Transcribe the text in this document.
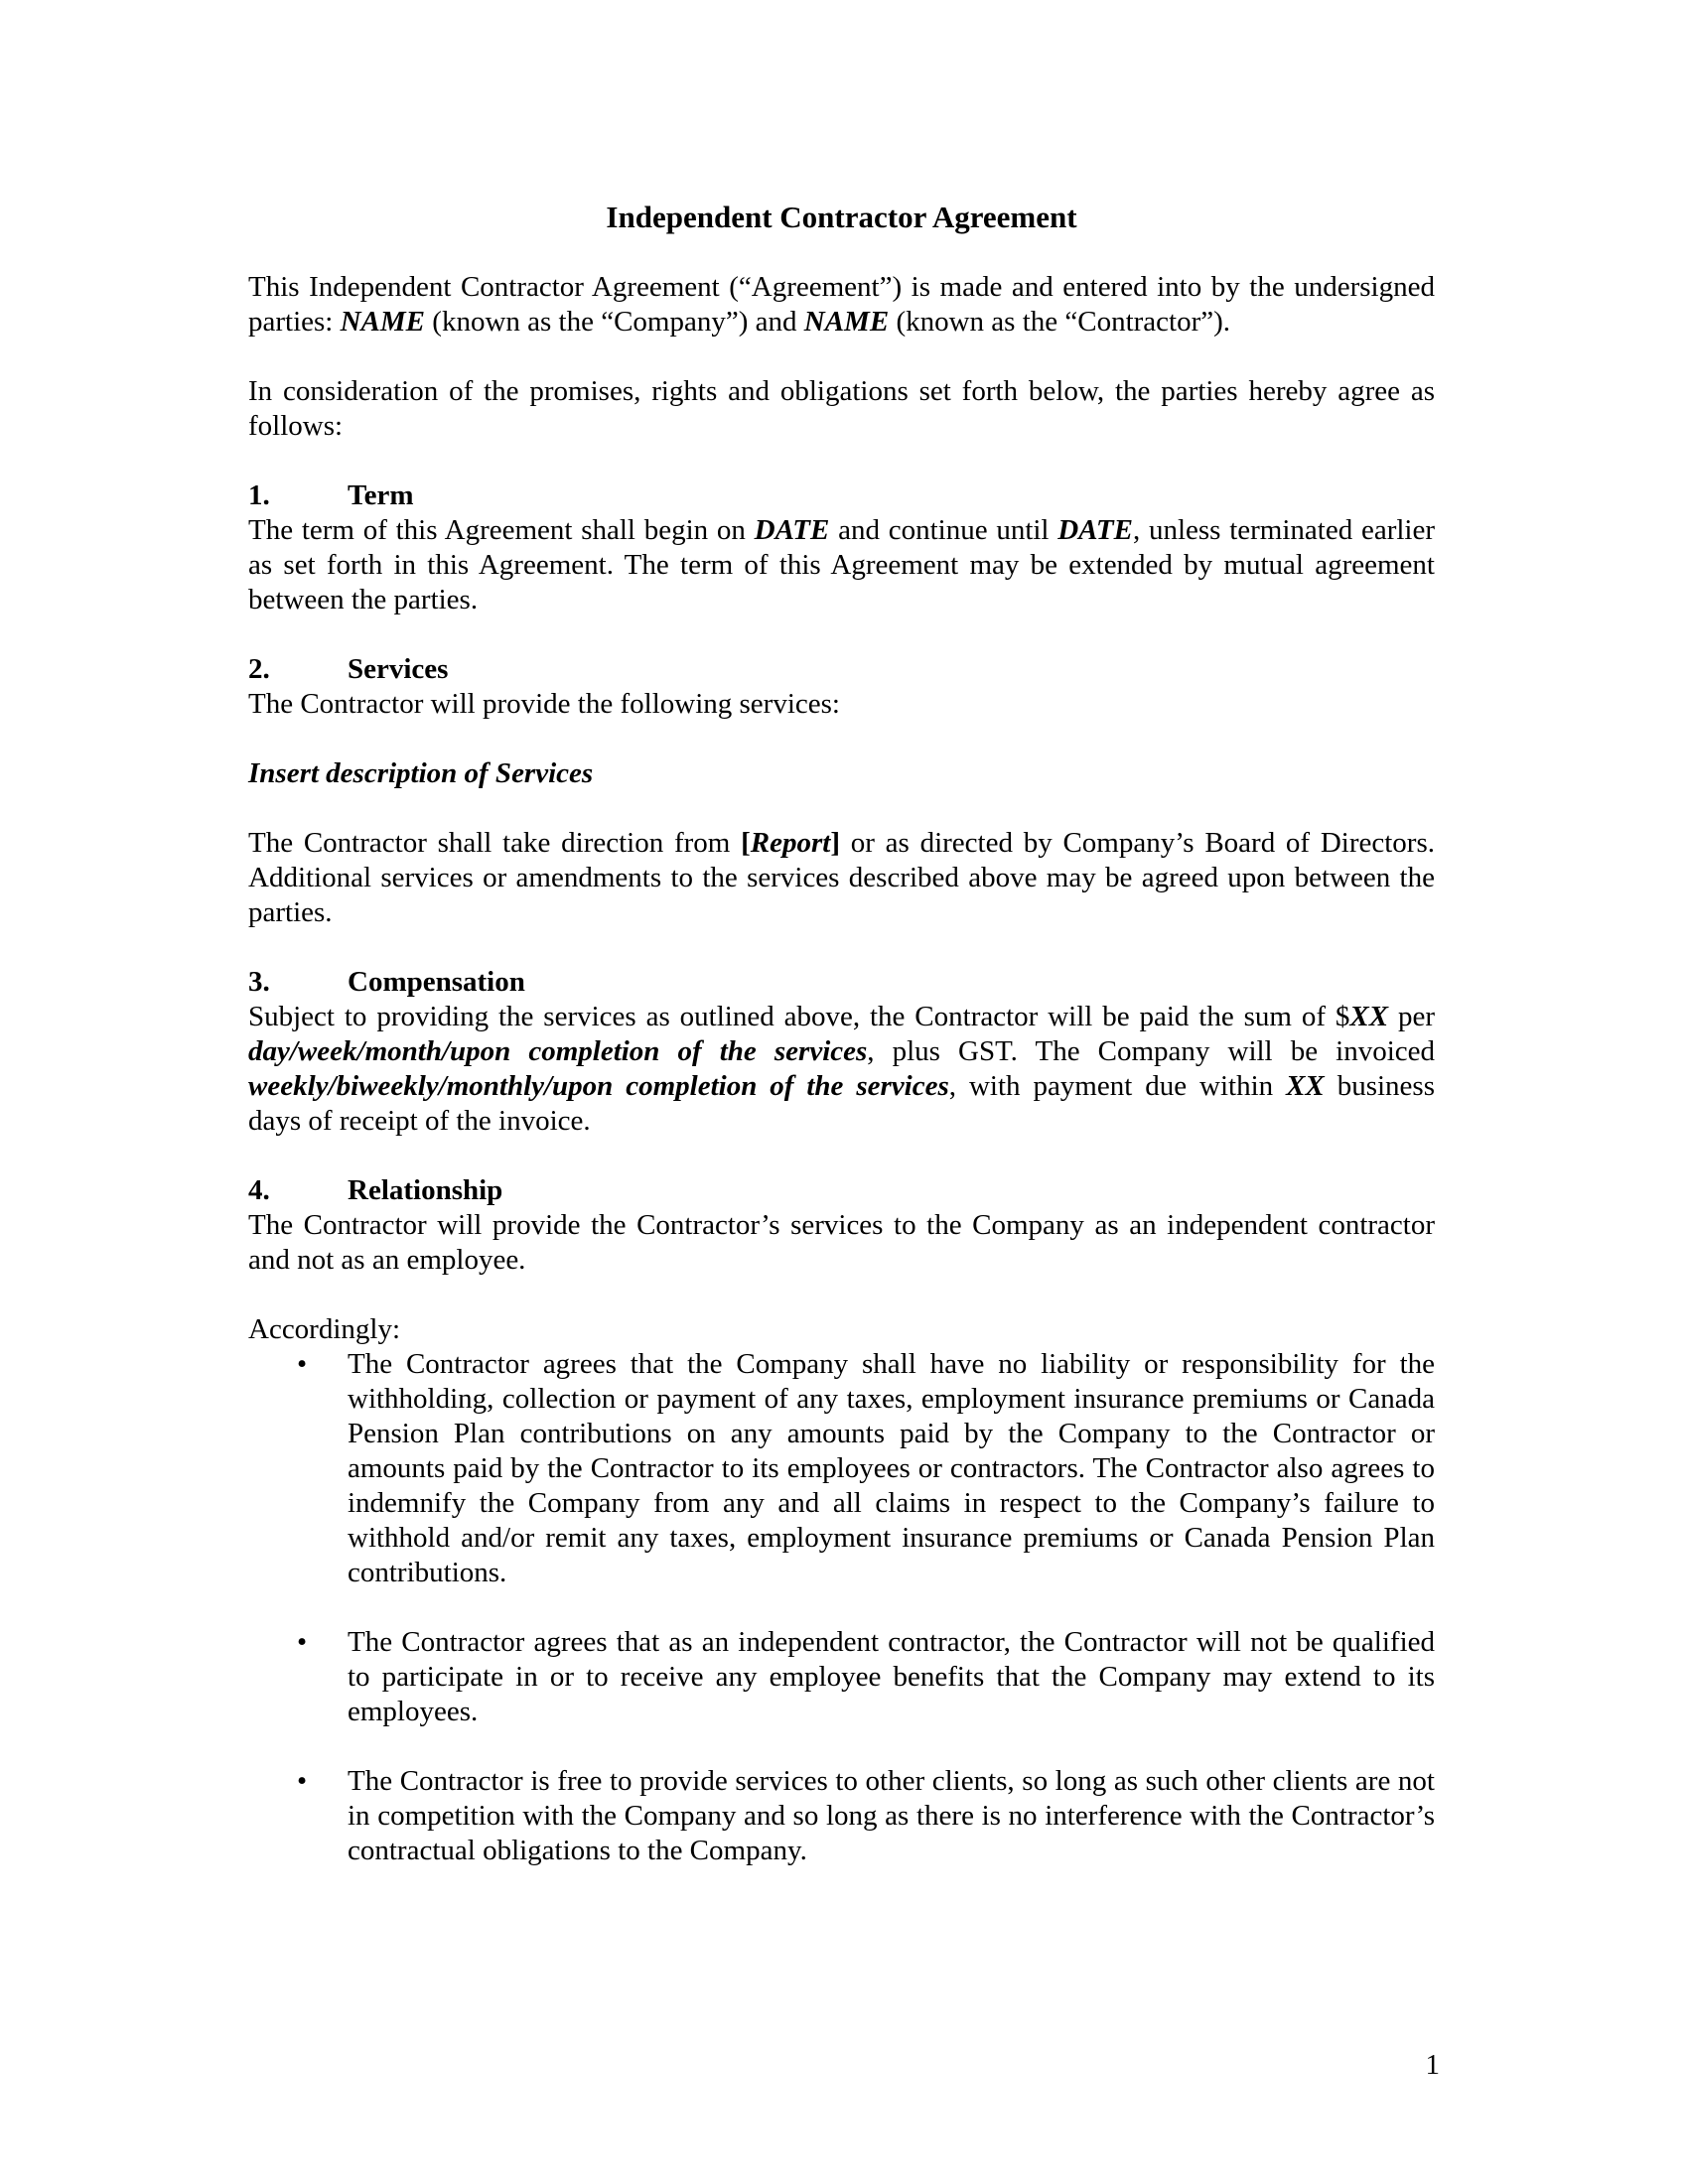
Independent Contractor Agreement

This Independent Contractor Agreement (“Agreement”) is made and entered into by the undersigned parties: NAME (known as the “Company”) and NAME (known as the “Contractor”).

In consideration of the promises, rights and obligations set forth below, the parties hereby agree as follows:

1.	Term

The term of this Agreement shall begin on DATE and continue until DATE, unless terminated earlier as set forth in this Agreement. The term of this Agreement may be extended by mutual agreement between the parties.

2.	Services

The Contractor will provide the following services:

Insert description of Services

The Contractor shall take direction from [Report] or as directed by Company’s Board of Directors. Additional services or amendments to the services described above may be agreed upon between the parties.

3.	Compensation

Subject to providing the services as outlined above, the Contractor will be paid the sum of $XX per day/week/month/upon completion of the services, plus GST. The Company will be invoiced weekly/biweekly/monthly/upon completion of the services, with payment due within XX business days of receipt of the invoice.

4.	Relationship

The Contractor will provide the Contractor’s services to the Company as an independent contractor and not as an employee.

Accordingly:

• The Contractor agrees that the Company shall have no liability or responsibility for the withholding, collection or payment of any taxes, employment insurance premiums or Canada Pension Plan contributions on any amounts paid by the Company to the Contractor or amounts paid by the Contractor to its employees or contractors. The Contractor also agrees to indemnify the Company from any and all claims in respect to the Company’s failure to withhold and/or remit any taxes, employment insurance premiums or Canada Pension Plan contributions.
• The Contractor agrees that as an independent contractor, the Contractor will not be qualified to participate in or to receive any employee benefits that the Company may extend to its employees.
• The Contractor is free to provide services to other clients, so long as such other clients are not in competition with the Company and so long as there is no interference with the Contractor’s contractual obligations to the Company.
1
